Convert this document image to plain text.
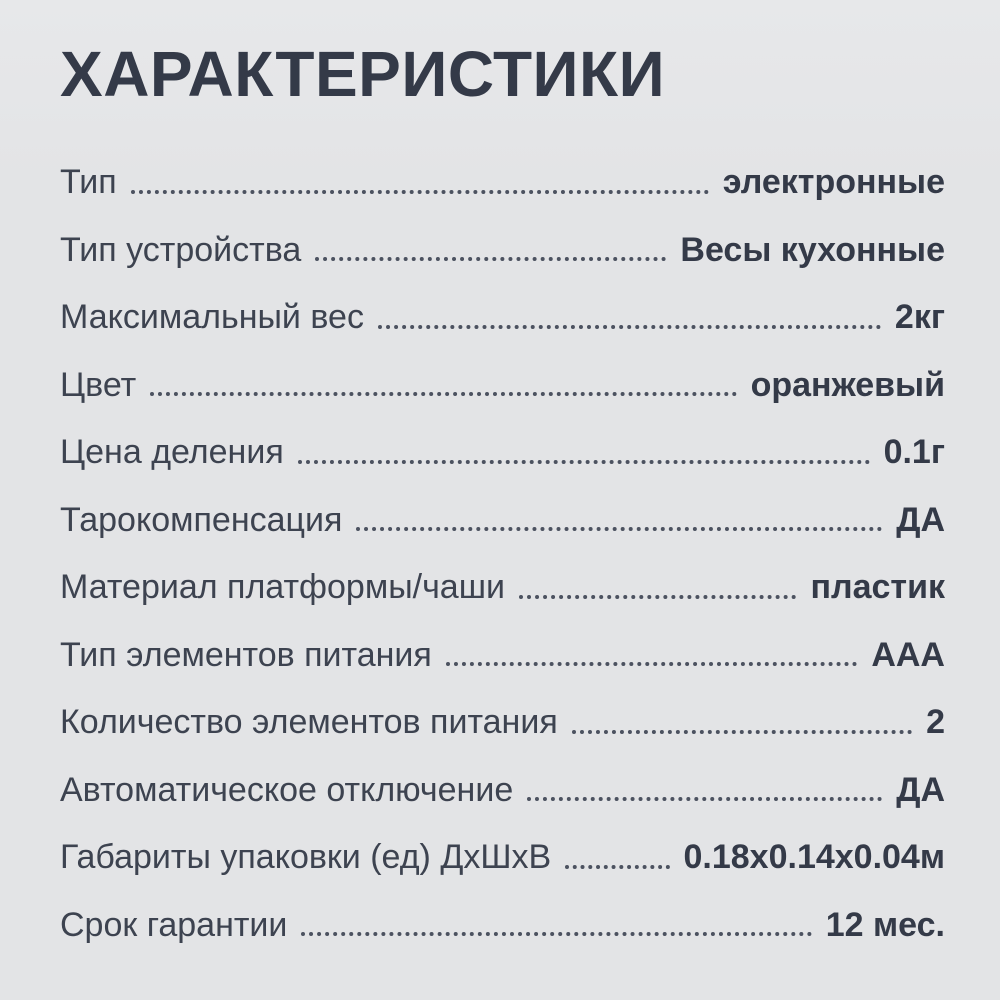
ХАРАКТЕРИСТИКИ
Тип	электронные
Тип устройства	Весы кухонные
Максимальный вес	2кг
Цвет	оранжевый
Цена деления	0.1г
Тарокомпенсация	ДА
Материал платформы/чаши	пластик
Тип элементов питания	AAA
Количество элементов питания	2
Автоматическое отключение	ДА
Габариты упаковки (ед) ДхШхВ	0.18x0.14x0.04м
Срок гарантии	12 мес.
